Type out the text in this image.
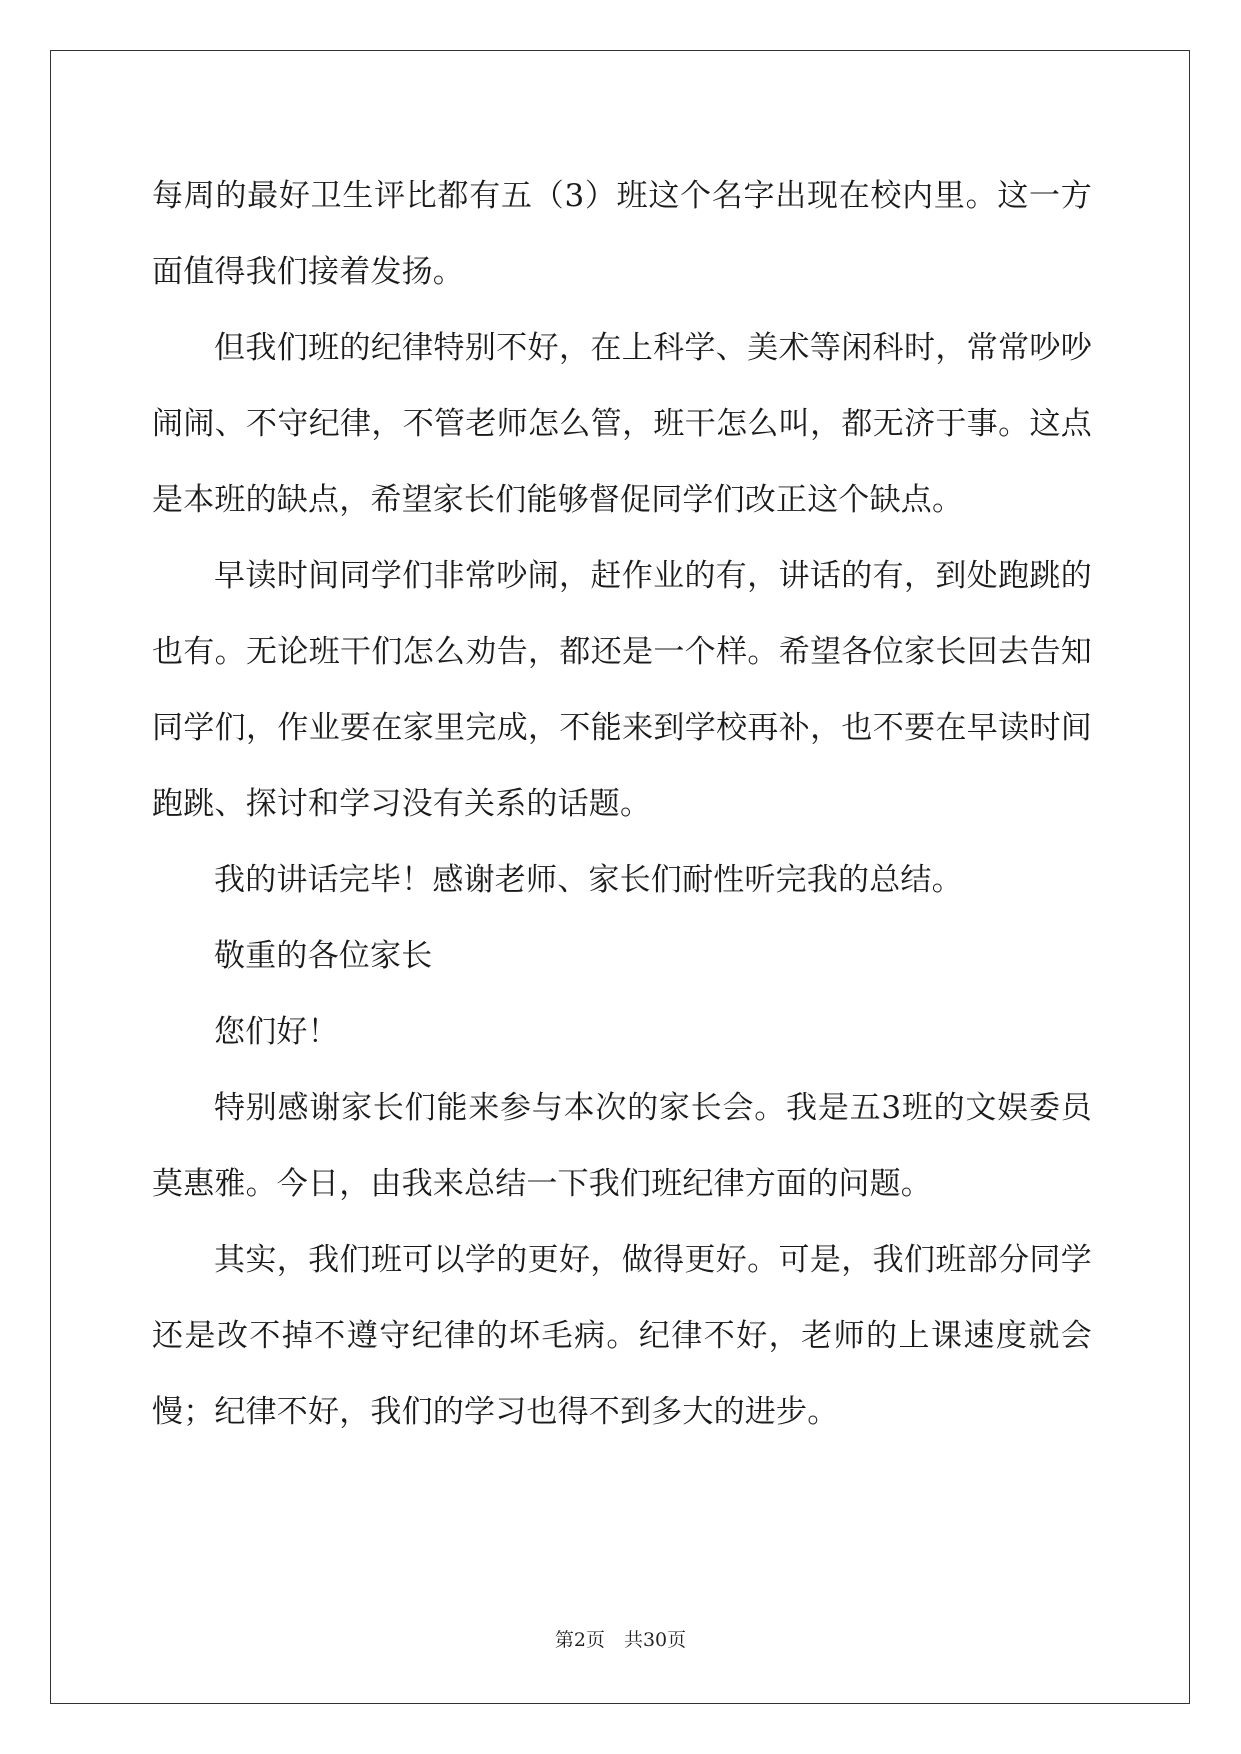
每周的最好卫生评比都有五（3）班这个名字出现在校内里。这一方面值得我们接着发扬。

但我们班的纪律特别不好，在上科学、美术等闲科时，常常吵吵闹闹、不守纪律，不管老师怎么管，班干怎么叫，都无济于事。这点是本班的缺点，希望家长们能够督促同学们改正这个缺点。

早读时间同学们非常吵闹，赶作业的有，讲话的有，到处跑跳的也有。无论班干们怎么劝告，都还是一个样。希望各位家长回去告知同学们，作业要在家里完成，不能来到学校再补，也不要在早读时间跑跳、探讨和学习没有关系的话题。

我的讲话完毕！感谢老师、家长们耐性听完我的总结。

敬重的各位家长

您们好！

特别感谢家长们能来参与本次的家长会。我是五3班的文娱委员莫惠雅。今日，由我来总结一下我们班纪律方面的问题。

其实，我们班可以学的更好，做得更好。可是，我们班部分同学还是改不掉不遵守纪律的坏毛病。纪律不好，老师的上课速度就会慢；纪律不好，我们的学习也得不到多大的进步。

第2页　共30页
